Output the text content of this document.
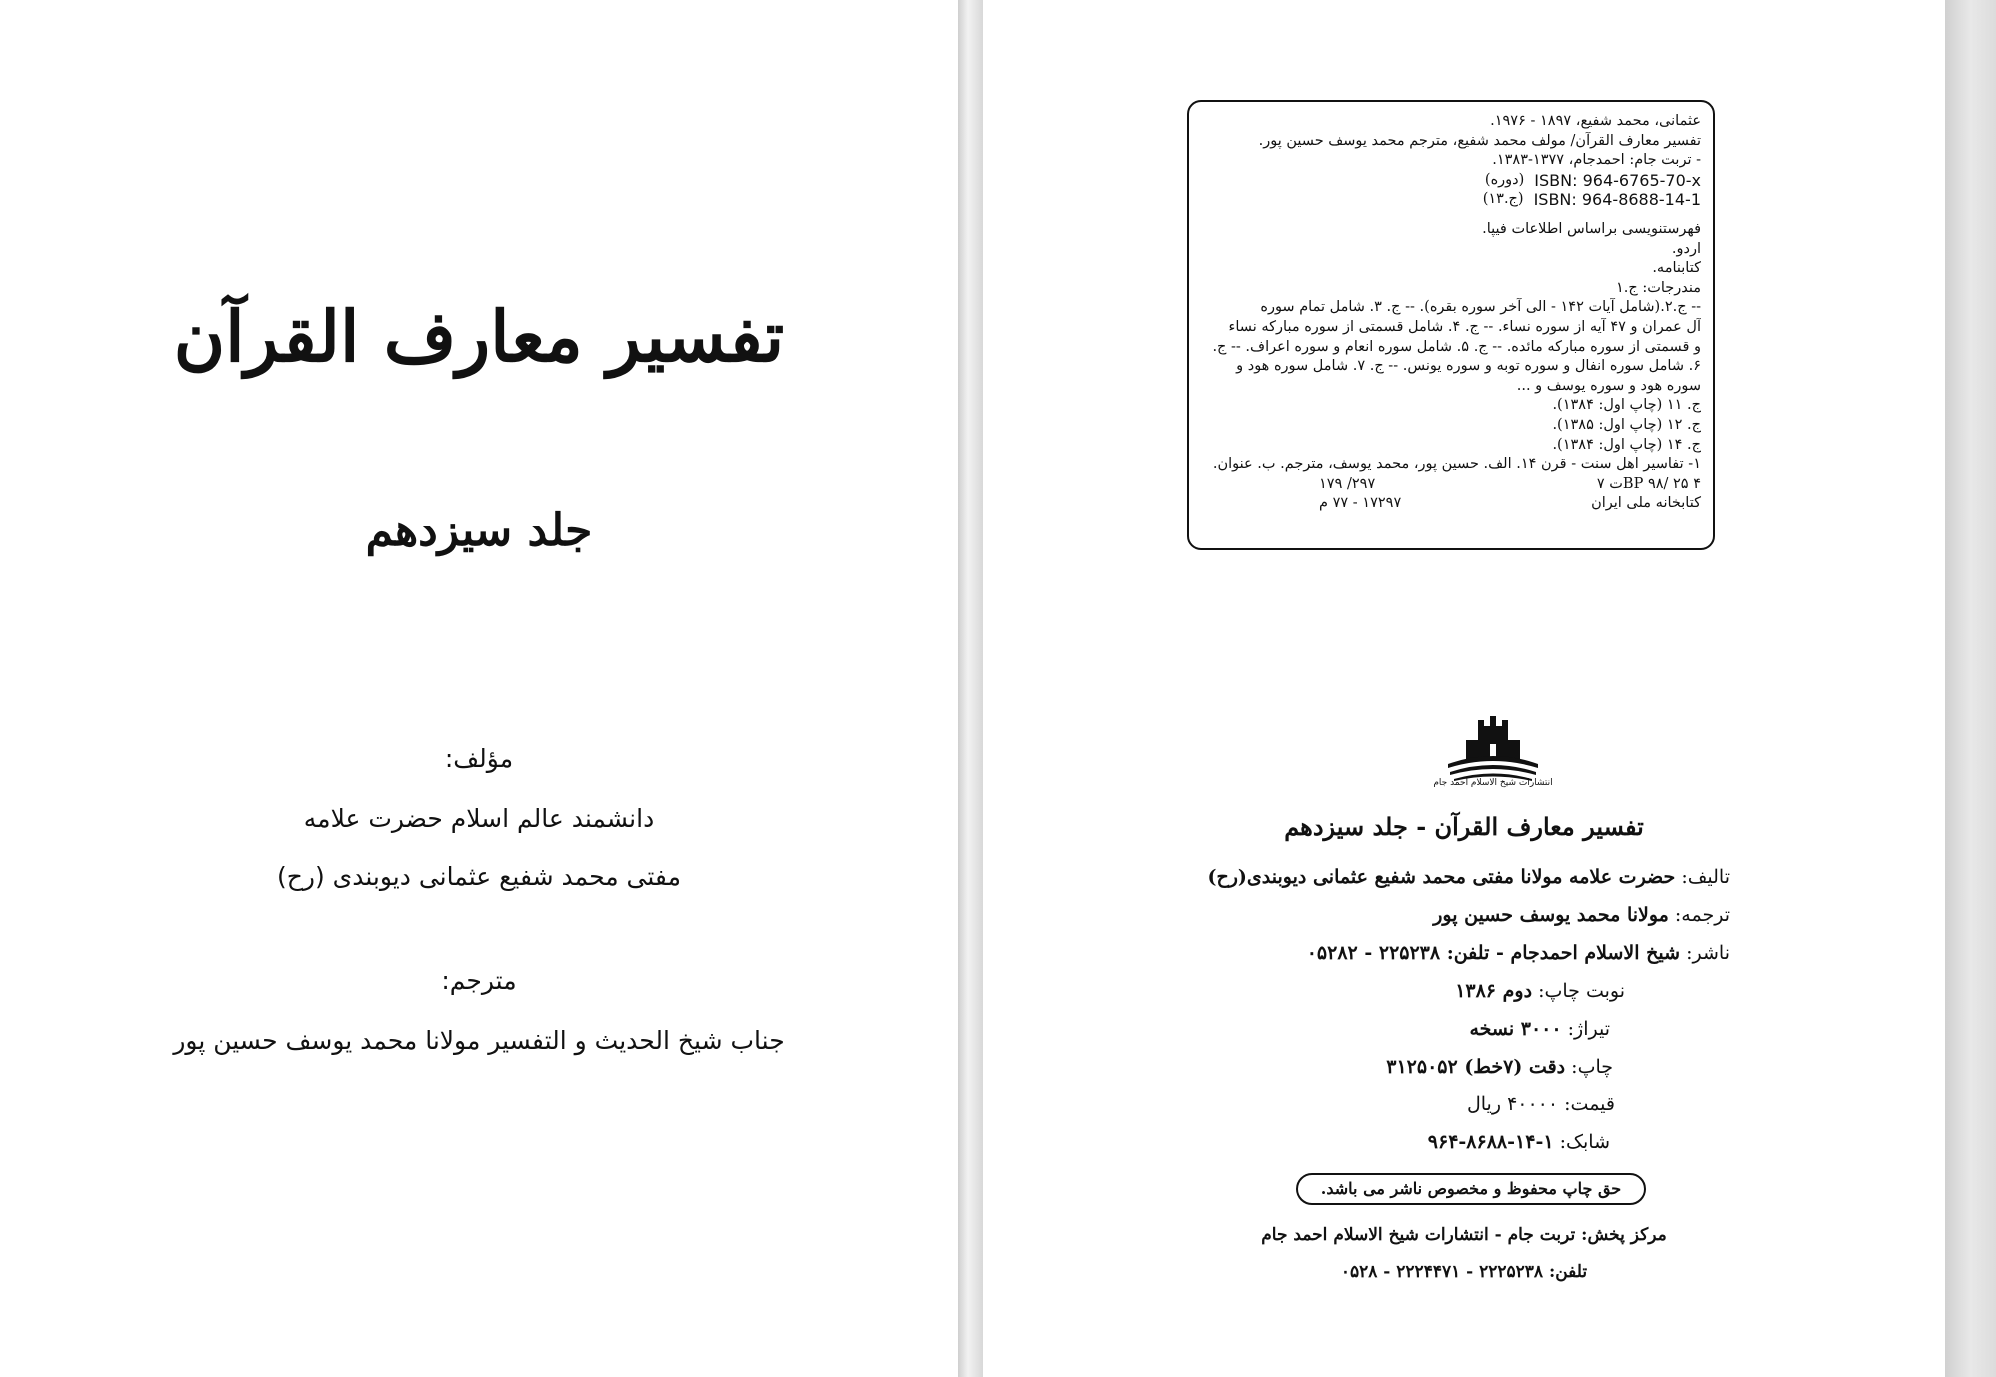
تفسیر معارف القرآن
جلد سیزدهم
مؤلف:
دانشمند عالم اسلام حضرت علامه
مفتی محمد شفیع عثمانی دیوبندی (رح)
مترجم:
جناب شیخ الحدیث و التفسیر مولانا محمد یوسف حسین پور
عثمانی، محمد شفیع، ۱۸۹۷ - ۱۹۷۶.
تفسیر معارف القرآن/ مولف محمد شفیع، مترجم محمد یوسف حسین پور.
- تربت جام: احمدجام، ۱۳۷۷-۱۳۸۳.
(دوره) ISBN: 964-6765-70-x
(ج.۱۳) ISBN: 964-8688-14-1
فهرستنویسی براساس اطلاعات فیپا.
اردو.
کتابنامه.
مندرجات: ج.۱
-- ج.۲.(شامل آیات ۱۴۲ - الی آخر سوره بقره). -- ج. ۳. شامل تمام سوره
آل عمران و ۴۷ آیه از سوره نساء. -- ج. ۴. شامل قسمتی از سوره مبارکه نساء
و قسمتی از سوره مبارکه مائده. -- ج. ۵. شامل سوره انعام و سوره اعراف. -- ج.
۶. شامل سوره انفال و سوره توبه و سوره یونس. -- ج. ۷. شامل سوره هود و
سوره هود و سوره یوسف و ...
ج. ۱۱ (چاپ اول: ۱۳۸۴).
ج. ۱۲ (چاپ اول: ۱۳۸۵).
ج. ۱۴ (چاپ اول: ۱۳۸۴).
۱- تفاسیر اهل سنت - قرن ۱۴. الف. حسین پور، محمد یوسف، مترجم. ب. عنوان.
BP ۹۸/ ۲۵ ۴ت ۷
۲۹۷/ ۱۷۹
کتابخانه ملی ایران
۱۷۲۹۷ - ۷۷ م
انتشارات شیخ الاسلام احمد جام
تفسیر معارف القرآن - جلد سیزدهم
تالیف: حضرت علامه مولانا مفتی محمد شفیع عثمانی دیوبندی(رح)
ترجمه: مولانا محمد یوسف حسین پور
ناشر: شیخ الاسلام احمدجام - تلفن: ۲۲۵۲۳۸ - ۰۵۲۸۲
نوبت چاپ: دوم ۱۳۸۶
تیراژ: ۳۰۰۰ نسخه
چاپ: دقت (۷خط) ۳۱۲۵۰۵۲
قیمت: ۴۰۰۰۰ ریال
شابک: ۱-۱۴-۸۶۸۸-۹۶۴
حق چاپ محفوظ و مخصوص ناشر می باشد.
مرکز پخش: تربت جام - انتشارات شیخ الاسلام احمد جام
تلفن: ۲۲۲۵۲۳۸ - ۲۲۲۴۴۷۱ - ۰۵۲۸
